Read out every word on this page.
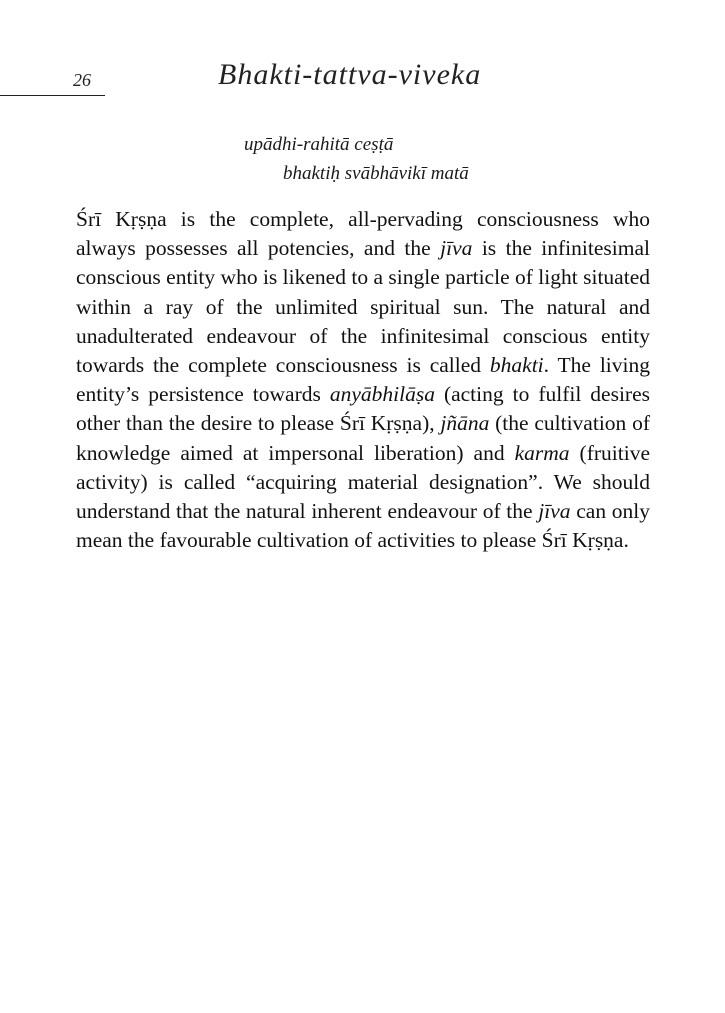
26	Bhakti-tattva-viveka
upādhi-rahitā ceṣṭā
bhaktiḥ svābhāvikī matā

Śrī Kṛṣṇa is the complete, all-pervading consciousness who always possesses all potencies, and the jīva is the infinitesimal conscious entity who is likened to a single particle of light situated within a ray of the unlimited spiritual sun. The natural and unadulterated endeavour of the infinitesimal conscious entity towards the complete consciousness is called bhakti. The living entity’s persistence towards anyābhilāṣa (acting to fulfil desires other than the desire to please Śrī Kṛṣṇa), jñāna (the cultivation of knowledge aimed at impersonal liberation) and karma (fruitive activity) is called “acquiring material designation”. We should understand that the natural inherent endeavour of the jīva can only mean the favourable cultivation of activities to please Śrī Kṛṣṇa.
